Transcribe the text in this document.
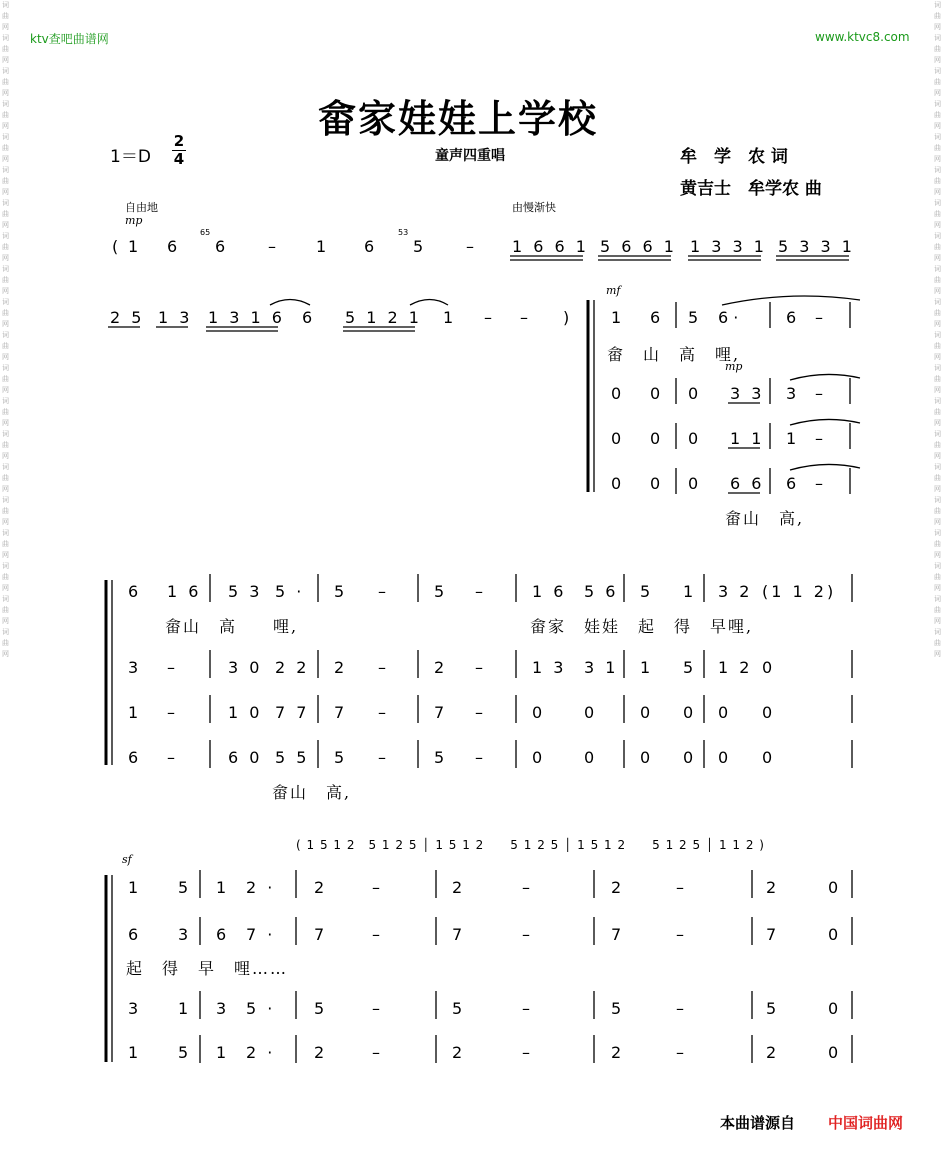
词
曲
网
词
曲
网
词
曲
网
词
曲
网
词
曲
网
词
曲
网
词
曲
网
词
曲
网
词
曲
网
词
曲
网
词
曲
网
词
曲
网
词
曲
网
词
曲
网
词
曲
网
词
曲
网
词
曲
网
词
曲
网
词
曲
网
词
曲
网
词
曲
网
词
曲
网
词
曲
网
词
曲
网
词
曲
网
词
曲
网
词
曲
网
词
曲
网
词
曲
网
词
曲
网
词
曲
网
词
曲
网
词
曲
网
词
曲
网
词
曲
网
词
曲
网
词
曲
网
词
曲
网
词
曲
网
词
曲
网
ktv查吧曲谱网	www.ktvc8.com
畲家娃娃上学校
1＝D
2
4	童声四重唱	牟　学　农 词
黄吉士　牟学农 曲
自由地	由慢渐快
mp
( 1 6
65
6	–	1 6
53
5	– 1 6 6 1 5 6 6 1 1 3 3 1 5 3 3 1
2 5 1 3 1 3 1 6 6 5 1 2 1 1 – – )
mf
mp
1 6 5 6 ·	6 –
畲　山　高　哩,
0 0 0 3 3 3 –
0 0 0 1 1 1 –
0 0 0 6 6 6 –
畲山　高,
6 1 6 5 3 5 · 5 –	5 –	1 6 5 6 5 1 3 2 (1 1 2)
3 –	3 0 2 2 2 –	2 –	1 3 3 1 1 5 1 2 0
1 –	1 0 7 7 7 –	7 –	0	0	0 0 0 0
6 –	6 0 5 5 5 –	5 –	0	0	0 0 0 0
畲山　高　　哩,	畲家　娃娃　起　得　早哩,
畲山　高,
( 1 5 1 2　5 1 2 5 │ 1 5 1 2　　5 1 2 5 │ 1 5 1 2　　5 1 2 5 │ 1 1 2 )
sf
1 5 1 2 · 2	–	2	–	2	–	2	0
6 3 6 7 · 7	–	7	–	7	–	7	0
3 1 3 5 · 5	–	5	–	5	–	5	0
1 5 1 2 · 2	–	2	–	2	–	2	0
起　得　早　哩……
本曲谱源自 中国词曲网
